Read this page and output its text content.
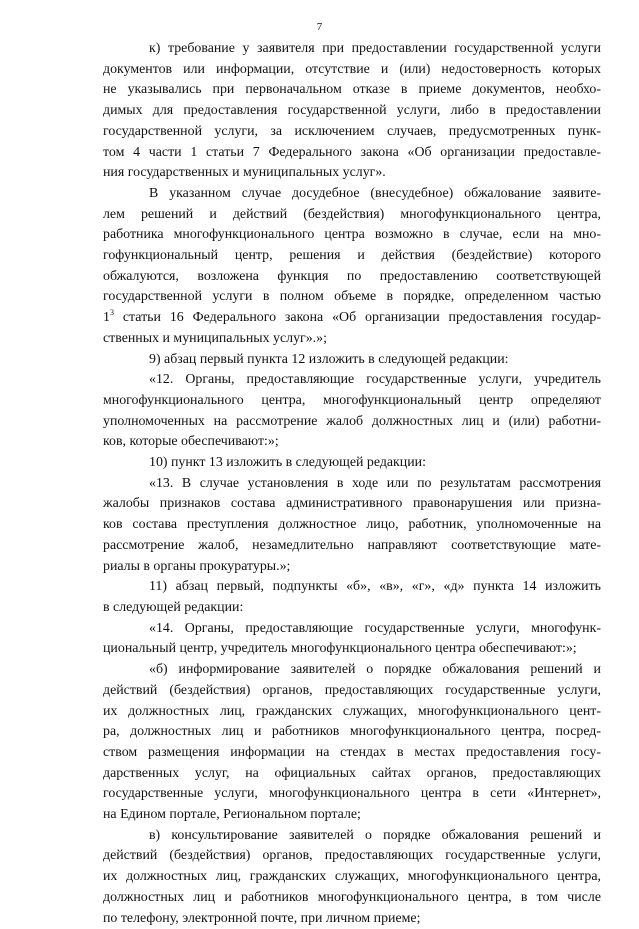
7

к) требование у заявителя при предоставлении государственной услуги
документов или информации, отсутствие и (или) недостоверность которых
не указывались при первоначальном отказе в приеме документов, необхо-
димых для предоставления государственной услуги, либо в предоставлении
государственной услуги, за исключением случаев, предусмотренных пунк-
том 4 части 1 статьи 7 Федерального закона «Об организации предоставле-
ния государственных и муниципальных услуг».

В указанном случае досудебное (внесудебное) обжалование заявите-
лем решений и действий (бездействия) многофункционального центра,
работника многофункционального центра возможно в случае, если на мно-
гофункциональный центр, решения и действия (бездействие) которого
обжалуются, возложена функция по предоставлению соответствующей
государственной услуги в полном объеме в порядке, определенном частью
$1^3$ статьи 16 Федерального закона «Об организации предоставления государ-
ственных и муниципальных услуг».»;

9) абзац первый пункта 12 изложить в следующей редакции:

«12. Органы, предоставляющие государственные услуги, учредитель
многофункционального центра, многофункциональный центр определяют
уполномоченных на рассмотрение жалоб должностных лиц и (или) работни-
ков, которые обеспечивают:»;

10) пункт 13 изложить в следующей редакции:

«13. В случае установления в ходе или по результатам рассмотрения
жалобы признаков состава административного правонарушения или призна-
ков состава преступления должностное лицо, работник, уполномоченные на
рассмотрение жалоб, незамедлительно направляют соответствующие мате-
риалы в органы прокуратуры.»;

11) абзац первый, подпункты «б», «в», «г», «д» пункта 14 изложить
в следующей редакции:

«14. Органы, предоставляющие государственные услуги, многофунк-
циональный центр, учредитель многофункционального центра обеспечивают:»;

«б) информирование заявителей о порядке обжалования решений и
действий (бездействия) органов, предоставляющих государственные услуги,
их должностных лиц, гражданских служащих, многофункционального цент-
ра, должностных лиц и работников многофункционального центра, посред-
ством размещения информации на стендах в местах предоставления госу-
дарственных услуг, на официальных сайтах органов, предоставляющих
государственные услуги, многофункционального центра в сети «Интернет»,
на Едином портале, Региональном портале;

в) консультирование заявителей о порядке обжалования решений и
действий (бездействия) органов, предоставляющих государственные услуги,
их должностных лиц, гражданских служащих, многофункционального центра,
должностных лиц и работников многофункционального центра, в том числе
по телефону, электронной почте, при личном приеме;
